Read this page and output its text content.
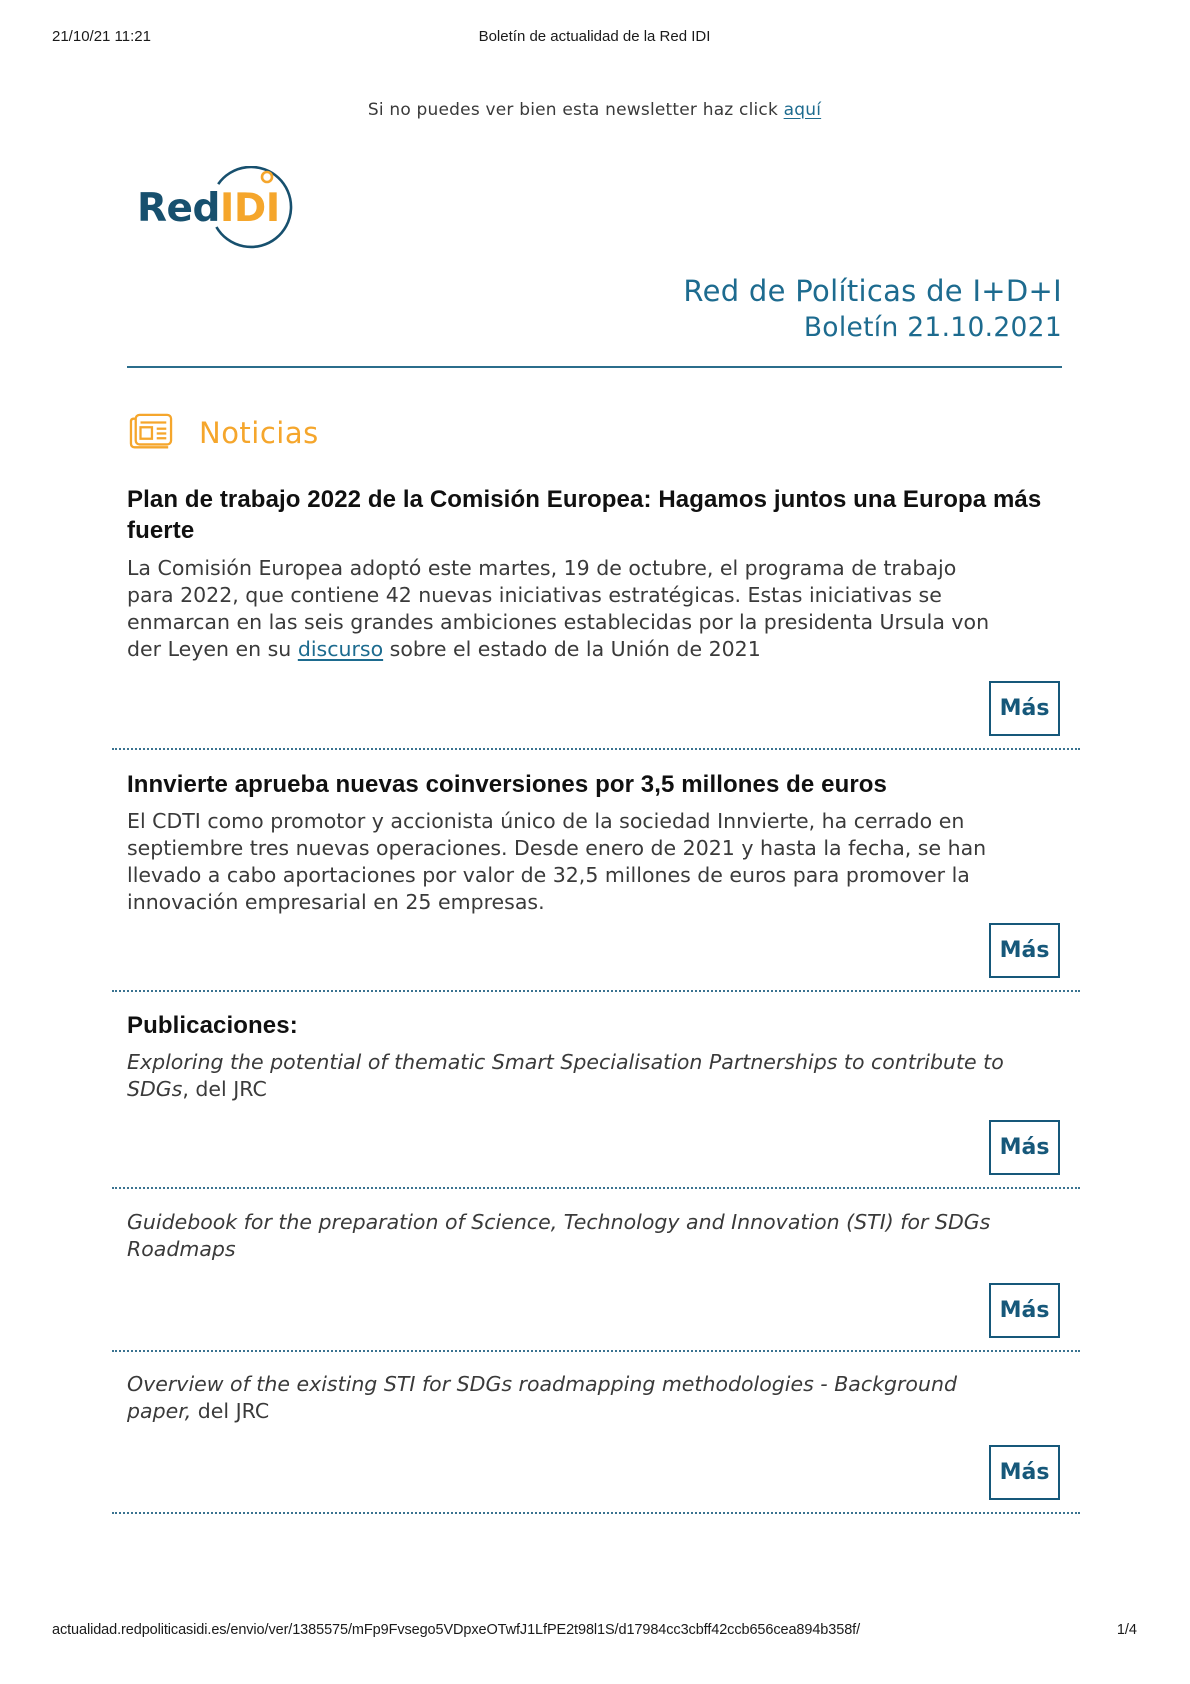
21/10/21 11:21	Boletín de actualidad de la Red IDI

Si no puedes ver bien esta newsletter haz click aquí

RedIDI
Red de Políticas de I+D+I
Boletín 21.10.2021
Noticias
Plan de trabajo 2022 de la Comisión Europea: Hagamos juntos una Europa más fuerte

La Comisión Europea adoptó este martes, 19 de octubre, el programa de trabajo para 2022, que contiene 42 nuevas iniciativas estratégicas. Estas iniciativas se enmarcan en las seis grandes ambiciones establecidas por la presidenta Ursula von der Leyen en su discurso sobre el estado de la Unión de 2021

Más
Innvierte aprueba nuevas coinversiones por 3,5 millones de euros

El CDTI como promotor y accionista único de la sociedad Innvierte, ha cerrado en septiembre tres nuevas operaciones. Desde enero de 2021 y hasta la fecha, se han llevado a cabo aportaciones por valor de 32,5 millones de euros para promover la innovación empresarial en 25 empresas.

Más
Publicaciones:

Exploring the potential of thematic Smart Specialisation Partnerships to contribute to SDGs, del JRC

Más

Guidebook for the preparation of Science, Technology and Innovation (STI) for SDGs Roadmaps

Más

Overview of the existing STI for SDGs roadmapping methodologies - Background paper, del JRC

Más
actualidad.redpoliticasidi.es/envio/ver/1385575/mFp9Fvsego5VDpxeOTwfJ1LfPE2t98l1S/d17984cc3cbff42ccb656cea894b358f/	1/4
